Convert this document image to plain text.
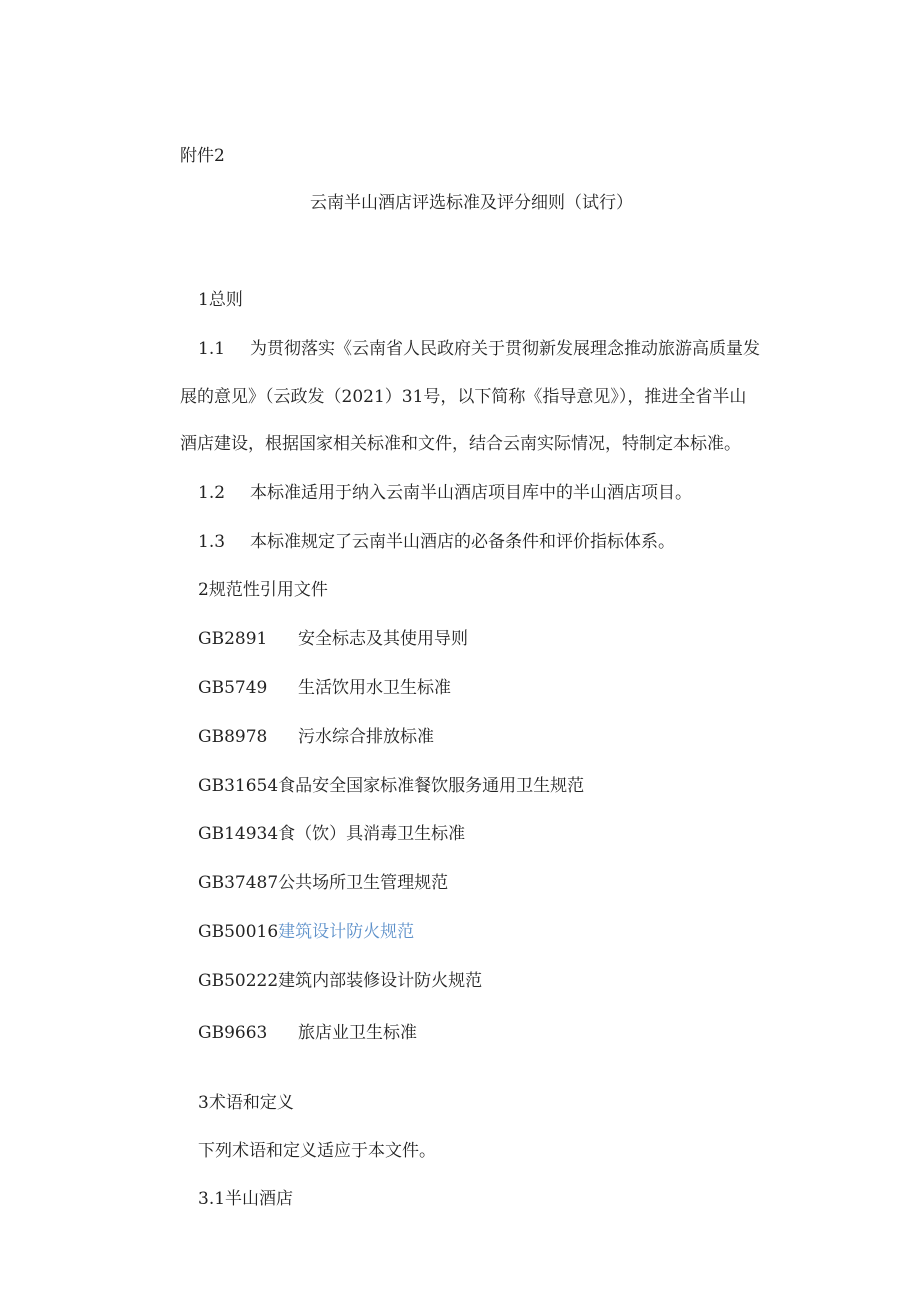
附件2
云南半山酒店评选标准及评分细则（试行）
1总则
1.1 为贯彻落实《云南省人民政府关于贯彻新发展理念推动旅游高质量发
展的意见》（云政发（2021）31号，以下简称《指导意见》），推进全省半山
酒店建设，根据国家相关标准和文件，结合云南实际情况，特制定本标准。
1.2 本标准适用于纳入云南半山酒店项目库中的半山酒店项目。
1.3 本标准规定了云南半山酒店的必备条件和评价指标体系。
2规范性引用文件
GB2891 安全标志及其使用导则
GB5749 生活饮用水卫生标准
GB8978 污水综合排放标准
GB31654食品安全国家标准餐饮服务通用卫生规范
GB14934食（饮）具消毒卫生标准
GB37487公共场所卫生管理规范
GB50016建筑设计防火规范
GB50222建筑内部装修设计防火规范
GB9663 旅店业卫生标准
3术语和定义
下列术语和定义适应于本文件。
3.1半山酒店
